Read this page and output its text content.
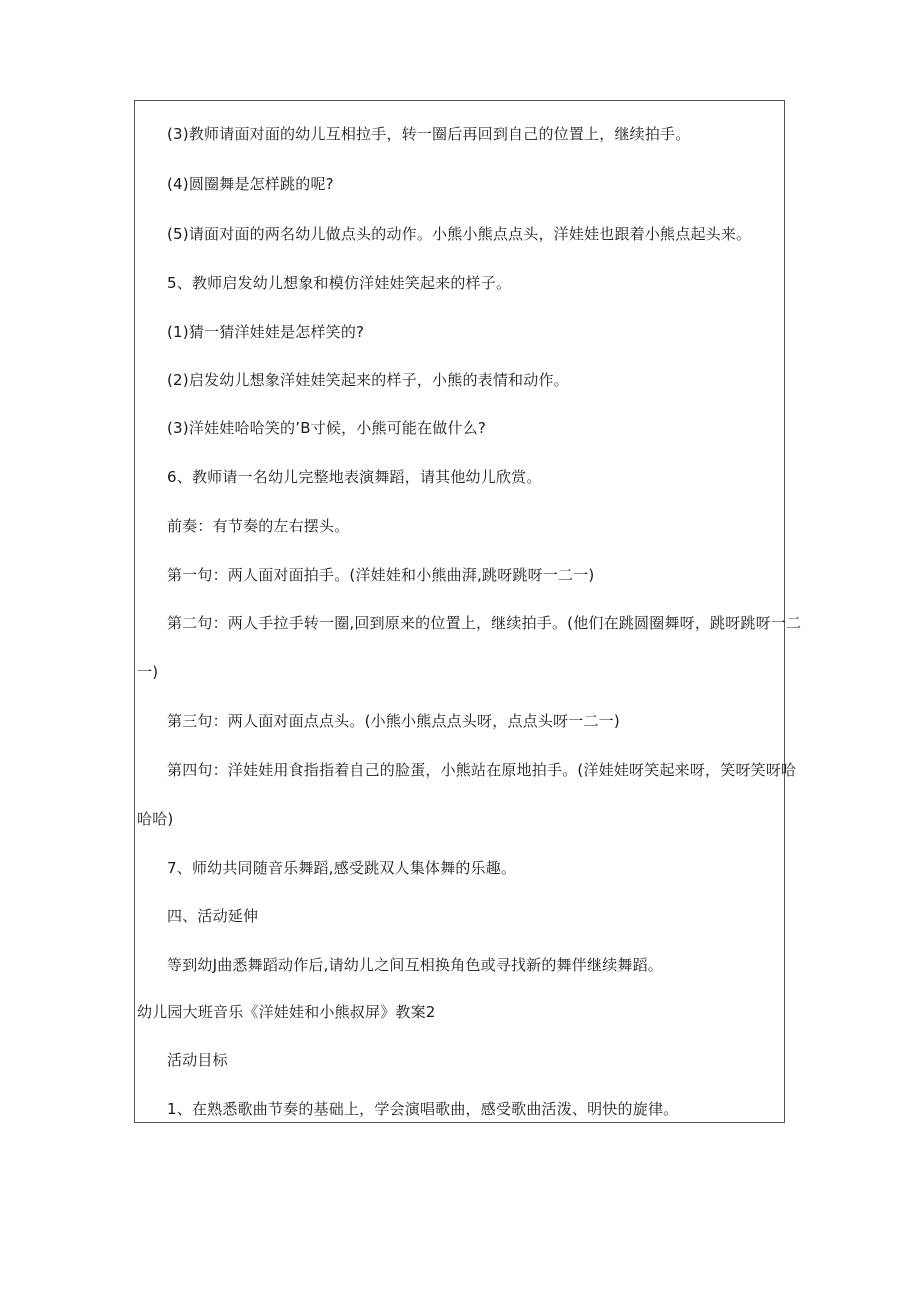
(3)教师请面对面的幼儿互相拉手，转一圈后再回到自己的位置上，继续拍手。
(4)圆圈舞是怎样跳的呢?
(5)请面对面的两名幼儿做点头的动作。小熊小熊点点头，洋娃娃也跟着小熊点起头来。
5、教师启发幼儿想象和模仿洋娃娃笑起来的样子。
(1)猜一猜洋娃娃是怎样笑的?
(2)启发幼儿想象洋娃娃笑起来的样子，小熊的表情和动作。
(3)洋娃娃哈哈笑的’B寸候，小熊可能在做什么?
6、教师请一名幼儿完整地表演舞蹈，请其他幼儿欣赏。
前奏：有节奏的左右摆头。
第一句：两人面对面拍手。(洋娃娃和小熊曲湃,跳呀跳呀一二一)
第二句：两人手拉手转一圈,回到原来的位置上，继续拍手。(他们在跳圆圈舞呀，跳呀跳呀一二
一)
第三句：两人面对面点点头。(小熊小熊点点头呀，点点头呀一二一)
第四句：洋娃娃用食指指着自己的脸蛋，小熊站在原地拍手。(洋娃娃呀笑起来呀，笑呀笑呀哈
哈哈)
7、师幼共同随音乐舞蹈,感受跳双人集体舞的乐趣。
四、活动延伸
等到幼J曲悉舞蹈动作后,请幼儿之间互相换角色或寻找新的舞伴继续舞蹈。
幼儿园大班音乐《洋娃娃和小熊叔屏》教案2
活动目标
1、在熟悉歌曲节奏的基础上，学会演唱歌曲，感受歌曲活泼、明快的旋律。
